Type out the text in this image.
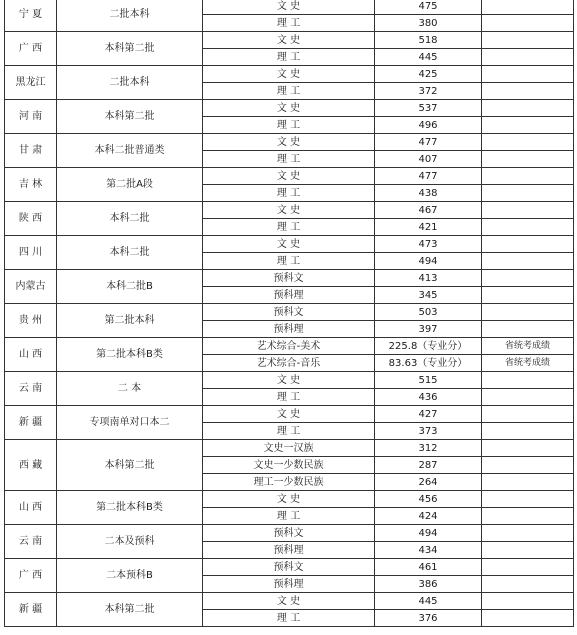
宁 夏	二批本科	文 史	475	
		理 工	380	
广 西	本科第二批	文 史	518	
		理 工	445	
黑龙江	二批本科	文 史	425	
		理 工	372	
河 南	本科第二批	文 史	537	
		理 工	496	
甘 肃	本科二批普通类	文 史	477	
		理 工	407	
吉 林	第二批A段	文 史	477	
		理 工	438	
陕 西	本科二批	文 史	467	
		理 工	421	
四 川	本科二批	文 史	473	
		理 工	494	
内蒙古	本科二批B	预科文	413	
		预科理	345	
贵 州	第二批本科	预科文	503	
		预科理	397	
山 西	第二批本科B类	艺术综合-美术	225.8（专业分）	省统考成绩
		艺术综合-音乐	83.63（专业分）	省统考成绩
云 南	二 本	文 史	515	
		理 工	436	
新 疆	专项南单对口本二	文 史	427	
		理 工	373	
西 藏	本科第二批	文史一汉族	312	
		文史一少数民族	287	
		理工一少数民族	264	
山 西	第二批本科B类	文 史	456	
		理 工	424	
云 南	二本及预科	预科文	494	
		预科理	434	
广 西	二本预科B	预科文	461	
		预科理	386	
新 疆	本科第二批	文 史	445	
		理 工	376	
